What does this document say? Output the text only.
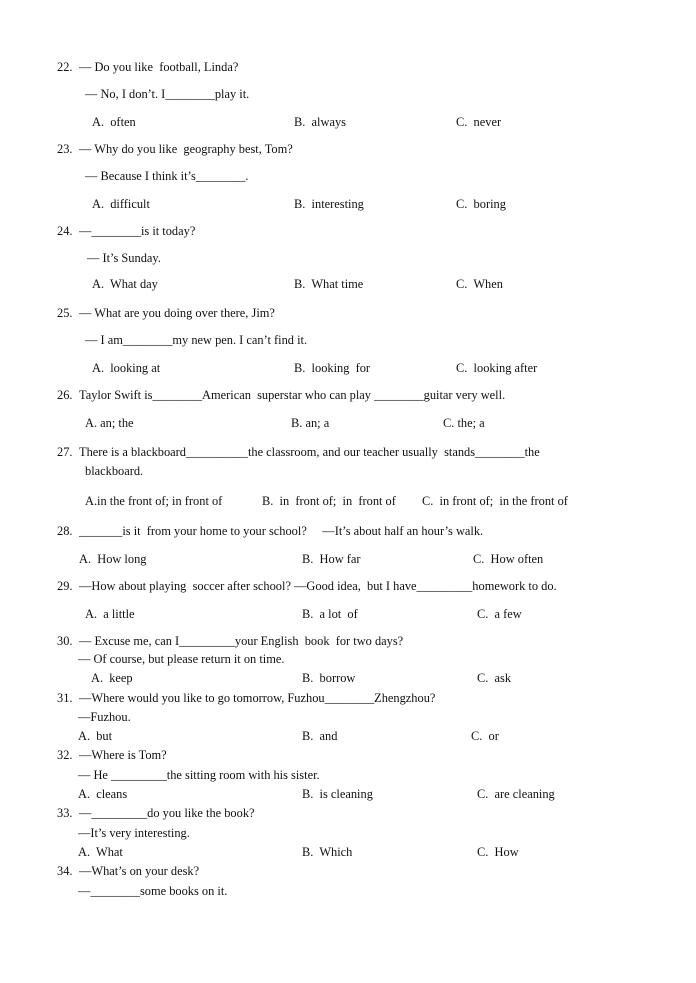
22. — Do you like  football, Linda?
— No, I don’t. I________play it.
A.  often	B.  always	C.  never
23. — Why do you like  geography best, Tom?
— Because I think it’s________.
A.  difficult	B.  interesting	C.  boring
24. —________is it today?
— It’s Sunday.
A.  What day	B.  What time	C.  When
25. — What are you doing over there, Jim?
— I am________my new pen. I can’t find it.
A.  looking at	B.  looking  for	C.  looking after
26. Taylor Swift is________American  superstar who can play ________guitar very well.
A. an; the	B. an; a	C. the; a
27. There is a blackboard__________the classroom, and our teacher usually  stands________the
blackboard.
A.in the front of; in front of	B.  in  front of;  in  front of C.  in front of;  in the front of
28. _______is it  from your home to your school?     —It’s about half an hour’s walk.
A.  How long	B.  How far	C.  How often
29. —How about playing  soccer after school? —Good idea,  but I have_________homework to do.
A.  a little	B.  a lot  of	C.  a few
30. — Excuse me, can I_________your English  book  for two days?
— Of course, but please return it on time.
A.  keep	B.  borrow	C.  ask
31. —Where would you like to go tomorrow, Fuzhou________Zhengzhou?
—Fuzhou.
A.  but	B.  and	C.  or
32. —Where is Tom?
— He _________the sitting room with his sister.
A.  cleans	B.  is cleaning	C.  are cleaning
33. —_________do you like the book?
—It’s very interesting.
A.  What	B.  Which	C.  How
34. —What’s on your desk?
—________some books on it.
